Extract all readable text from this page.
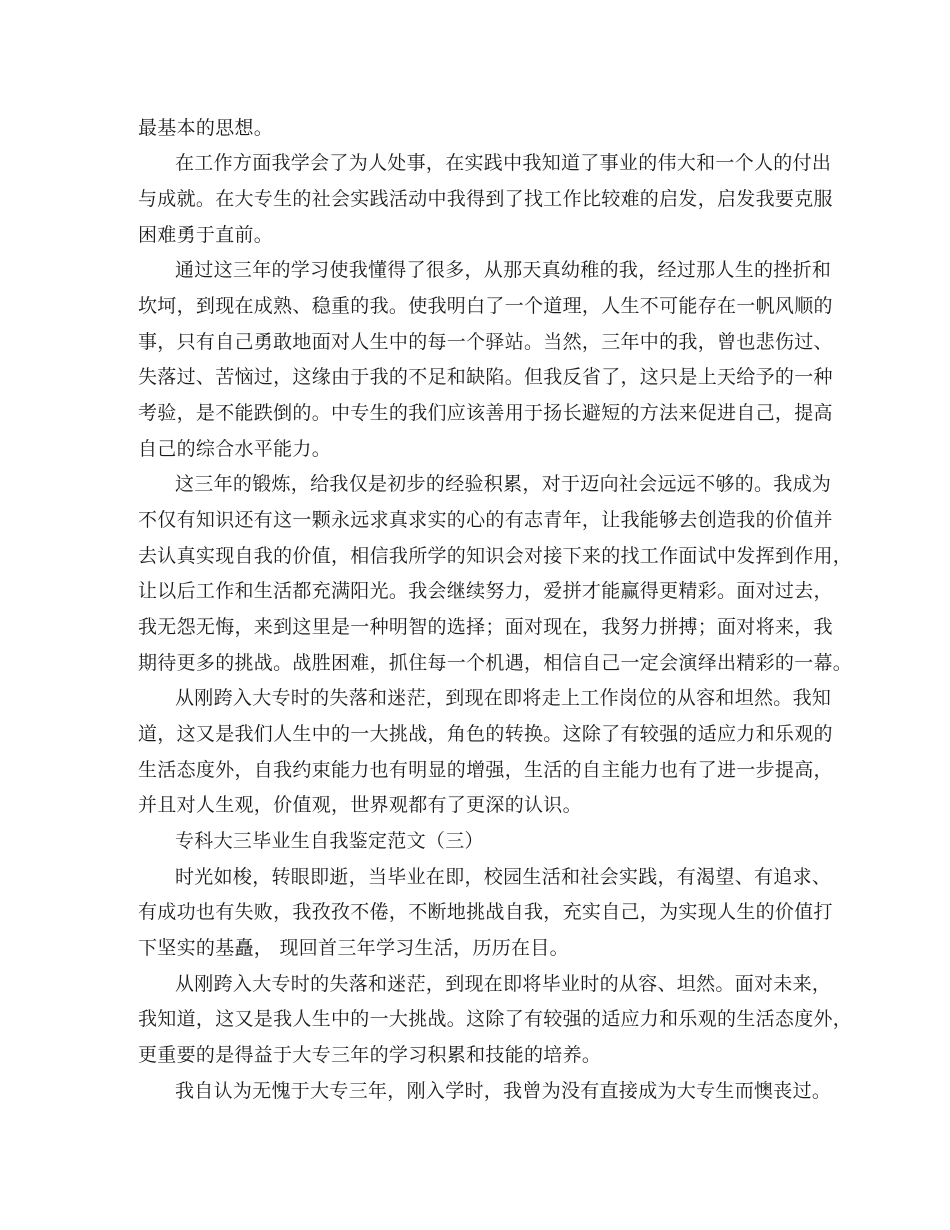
最基本的思想。
在工作方面我学会了为人处事，在实践中我知道了事业的伟大和一个人的付出
与成就。在大专生的社会实践活动中我得到了找工作比较难的启发，启发我要克服
困难勇于直前。
通过这三年的学习使我懂得了很多，从那天真幼稚的我，经过那人生的挫折和
坎坷，到现在成熟、稳重的我。使我明白了一个道理，人生不可能存在一帆风顺的
事，只有自己勇敢地面对人生中的每一个驿站。当然，三年中的我，曾也悲伤过、
失落过、苦恼过，这缘由于我的不足和缺陷。但我反省了，这只是上天给予的一种
考验，是不能跌倒的。中专生的我们应该善用于扬长避短的方法来促进自己，提高
自己的综合水平能力。
这三年的锻炼，给我仅是初步的经验积累，对于迈向社会远远不够的。我成为
不仅有知识还有这一颗永远求真求实的心的有志青年，让我能够去创造我的价值并
去认真实现自我的价值，相信我所学的知识会对接下来的找工作面试中发挥到作用，
让以后工作和生活都充满阳光。我会继续努力，爱拼才能赢得更精彩。面对过去，
我无怨无悔，来到这里是一种明智的选择；面对现在，我努力拼搏；面对将来，我
期待更多的挑战。战胜困难，抓住每一个机遇，相信自己一定会演绎出精彩的一幕。
从刚跨入大专时的失落和迷茫，到现在即将走上工作岗位的从容和坦然。我知
道，这又是我们人生中的一大挑战，角色的转换。这除了有较强的适应力和乐观的
生活态度外，自我约束能力也有明显的增强，生活的自主能力也有了进一步提高，
并且对人生观，价值观，世界观都有了更深的认识。
专科大三毕业生自我鉴定范文（三）
时光如梭，转眼即逝，当毕业在即，校园生活和社会实践，有渴望、有追求、
有成功也有失败，我孜孜不倦，不断地挑战自我，充实自己，为实现人生的价值打
下坚实的基矗， 现回首三年学习生活，历历在目。
从刚跨入大专时的失落和迷茫，到现在即将毕业时的从容、坦然。面对未来，
我知道，这又是我人生中的一大挑战。这除了有较强的适应力和乐观的生活态度外，
更重要的是得益于大专三年的学习积累和技能的培养。
我自认为无愧于大专三年，刚入学时，我曾为没有直接成为大专生而懊丧过。
